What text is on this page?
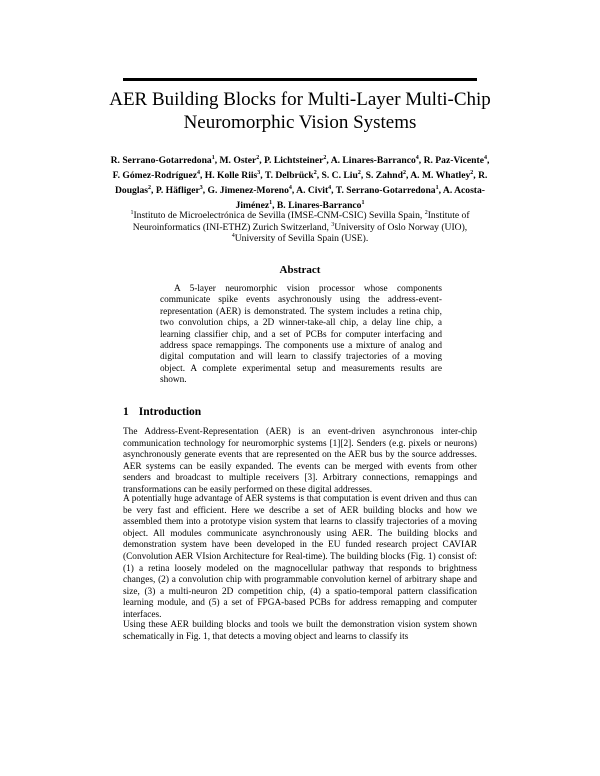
AER Building Blocks for Multi-Layer Multi-Chip
Neuromorphic Vision Systems
R. Serrano-Gotarredona$^1$, M. Oster$^2$, P. Lichtsteiner$^2$, A. Linares-Barranco$^4$, R. Paz-Vicente$^4$, F. Gómez-Rodríguez$^4$, H. Kolle Riis$^3$, T. Delbrück$^2$, S. C. Liu$^2$, S. Zahnd$^2$, A. M. Whatley$^2$, R. Douglas$^2$, P. Häfliger$^3$, G. Jimenez-Moreno$^4$, A. Civit$^4$, T. Serrano-Gotarredona$^1$, A. Acosta-Jiménez$^1$, B. Linares-Barranco$^1$
$^1$Instituto de Microelectrónica de Sevilla (IMSE-CNM-CSIC) Sevilla Spain, $^2$Institute of Neuroinformatics (INI-ETHZ) Zurich Switzerland, $^3$University of Oslo Norway (UIO), $^4$University of Sevilla Spain (USE).
Abstract
A 5-layer neuromorphic vision processor whose components communicate spike events asychronously using the address-event-representation (AER) is demonstrated. The system includes a retina chip, two convolution chips, a 2D winner-take-all chip, a delay line chip, a learning classifier chip, and a set of PCBs for computer interfacing and address space remappings. The components use a mixture of analog and digital computation and will learn to classify trajectories of a moving object. A complete experimental setup and measurements results are shown.
1 Introduction
The Address-Event-Representation (AER) is an event-driven asynchronous inter-chip communication technology for neuromorphic systems [1][2]. Senders (e.g. pixels or neurons) asynchronously generate events that are represented on the AER bus by the source addresses. AER systems can be easily expanded. The events can be merged with events from other senders and broadcast to multiple receivers [3]. Arbitrary connections, remappings and transformations can be easily performed on these digital addresses.
A potentially huge advantage of AER systems is that computation is event driven and thus can be very fast and efficient. Here we describe a set of AER building blocks and how we assembled them into a prototype vision system that learns to classify trajectories of a moving object. All modules communicate asynchronously using AER. The building blocks and demonstration system have been developed in the EU funded research project CAVIAR (Convolution AER VIsion Architecture for Real-time). The building blocks (Fig. 1) consist of: (1) a retina loosely modeled on the magnocellular pathway that responds to brightness changes, (2) a convolution chip with programmable convolution kernel of arbitrary shape and size, (3) a multi-neuron 2D competition chip, (4) a spatio-temporal pattern classification learning module, and (5) a set of FPGA-based PCBs for address remapping and computer interfaces.
Using these AER building blocks and tools we built the demonstration vision system shown schematically in Fig. 1, that detects a moving object and learns to classify its
